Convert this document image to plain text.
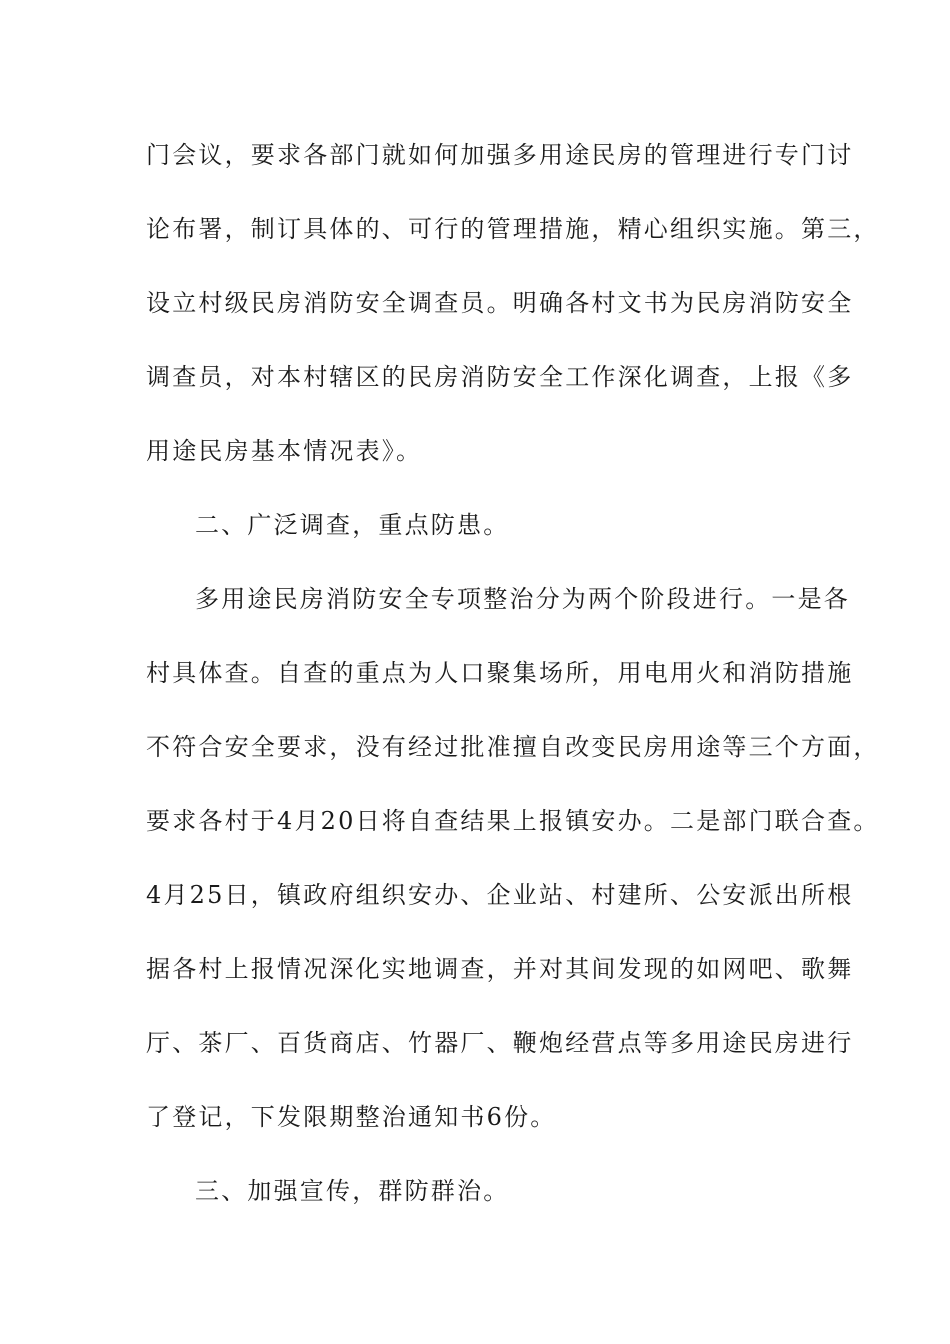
门会议，要求各部门就如何加强多用途民房的管理进行专门讨
论布署，制订具体的、可行的管理措施，精心组织实施。第三，
设立村级民房消防安全调查员。明确各村文书为民房消防安全
调查员，对本村辖区的民房消防安全工作深化调查，上报《多
用途民房基本情况表》。
二、广泛调查，重点防患。
多用途民房消防安全专项整治分为两个阶段进行。一是各
村具体查。自查的重点为人口聚集场所，用电用火和消防措施
不符合安全要求，没有经过批准擅自改变民房用途等三个方面，
要求各村于4月20日将自查结果上报镇安办。二是部门联合查。
4月25日，镇政府组织安办、企业站、村建所、公安派出所根
据各村上报情况深化实地调查，并对其间发现的如网吧、歌舞
厅、茶厂、百货商店、竹器厂、鞭炮经营点等多用途民房进行
了登记，下发限期整治通知书6份。
三、加强宣传，群防群治。
